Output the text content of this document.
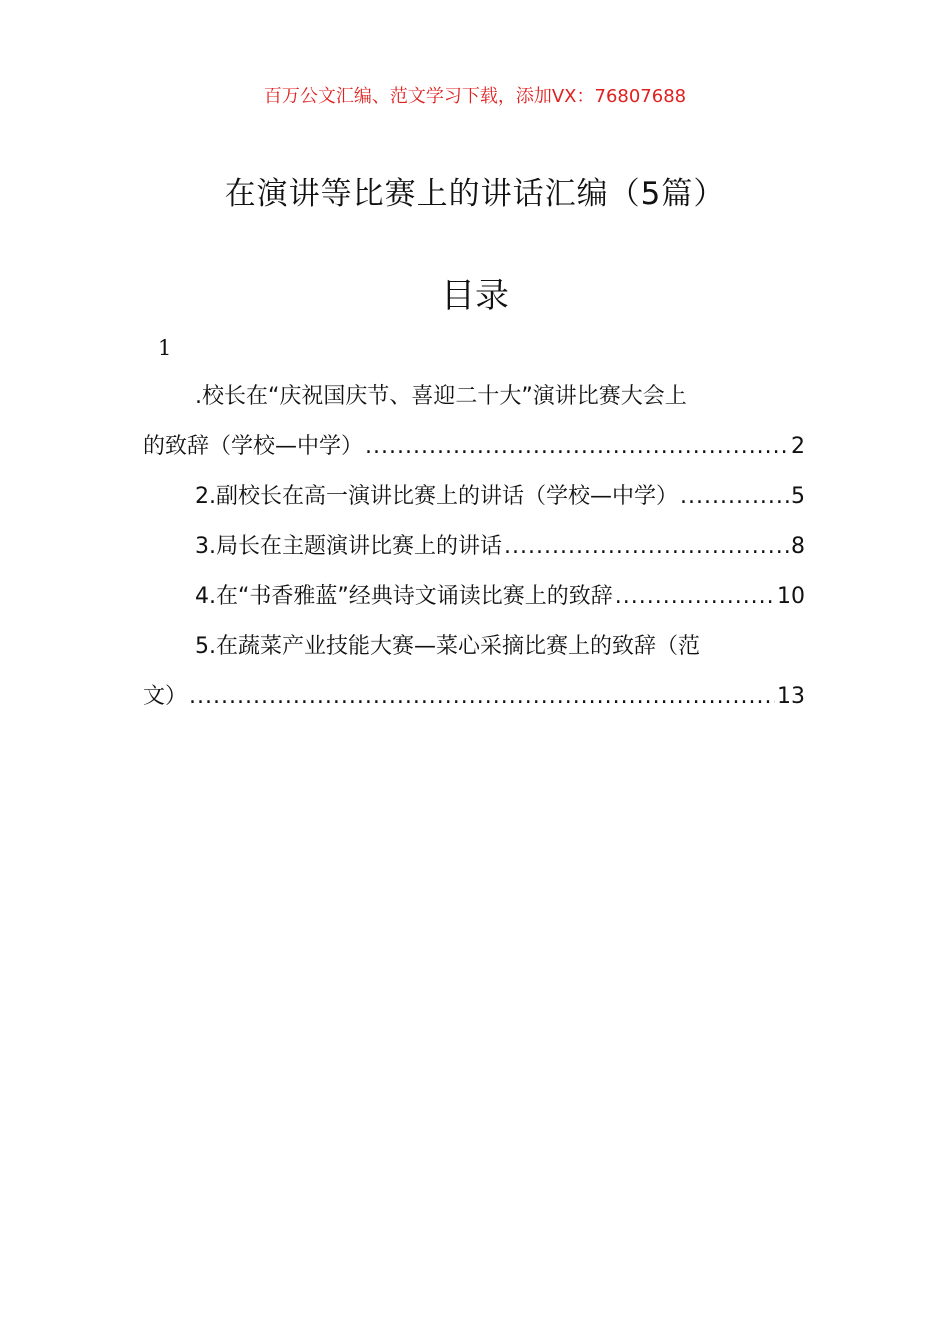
百万公文汇编、范文学习下载，添加VX：76807688
在演讲等比赛上的讲话汇编（5篇）
目录
1
.校长在“庆祝国庆节、喜迎二十大”演讲比赛大会上
的致辞（学校—中学） .....	2
2.副校长在高一演讲比赛上的讲话（学校—中学） .....	5
3.局长在主题演讲比赛上的讲话 .....	8
4.在“书香雅蓝”经典诗文诵读比赛上的致辞 .....	10
5.在蔬菜产业技能大赛—菜心采摘比赛上的致辞（范
文） .....	13
